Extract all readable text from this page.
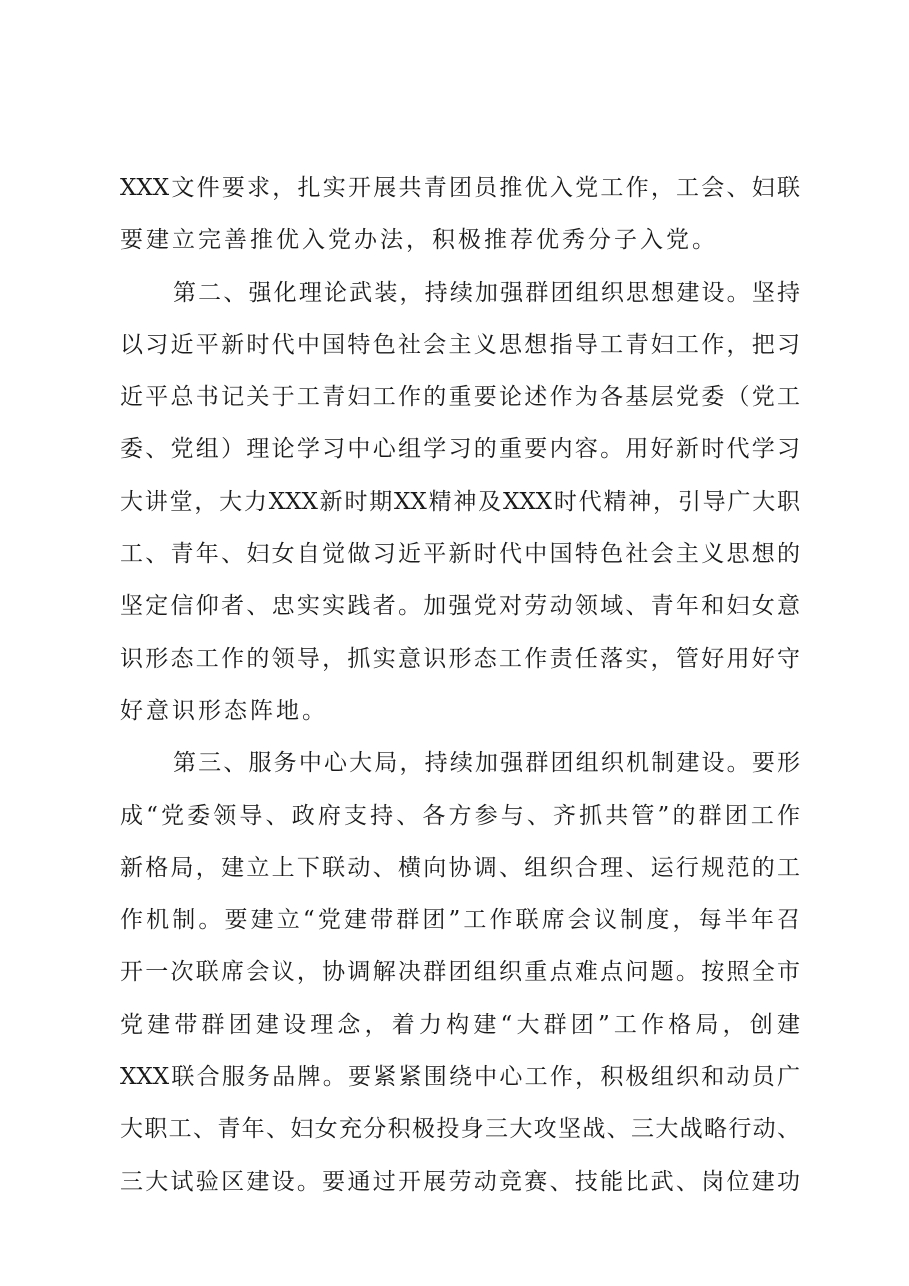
XXX文件要求，扎实开展共青团员推优入党工作，工会、妇联
要建立完善推优入党办法，积极推荐优秀分子入党。
第二、强化理论武装，持续加强群团组织思想建设。坚持
以习近平新时代中国特色社会主义思想指导工青妇工作，把习
近平总书记关于工青妇工作的重要论述作为各基层党委（党工
委、党组）理论学习中心组学习的重要内容。用好新时代学习
大讲堂，大力XXX新时期XX精神及XXX时代精神，引导广大职
工、青年、妇女自觉做习近平新时代中国特色社会主义思想的
坚定信仰者、忠实实践者。加强党对劳动领域、青年和妇女意
识形态工作的领导，抓实意识形态工作责任落实，管好用好守
好意识形态阵地。
第三、服务中心大局，持续加强群团组织机制建设。要形
成“党委领导、政府支持、各方参与、齐抓共管”的群团工作
新格局，建立上下联动、横向协调、组织合理、运行规范的工
作机制。要建立“党建带群团”工作联席会议制度，每半年召
开一次联席会议，协调解决群团组织重点难点问题。按照全市
党建带群团建设理念，着力构建“大群团”工作格局，创建
XXX联合服务品牌。要紧紧围绕中心工作，积极组织和动员广
大职工、青年、妇女充分积极投身三大攻坚战、三大战略行动、
三大试验区建设。要通过开展劳动竞赛、技能比武、岗位建功
